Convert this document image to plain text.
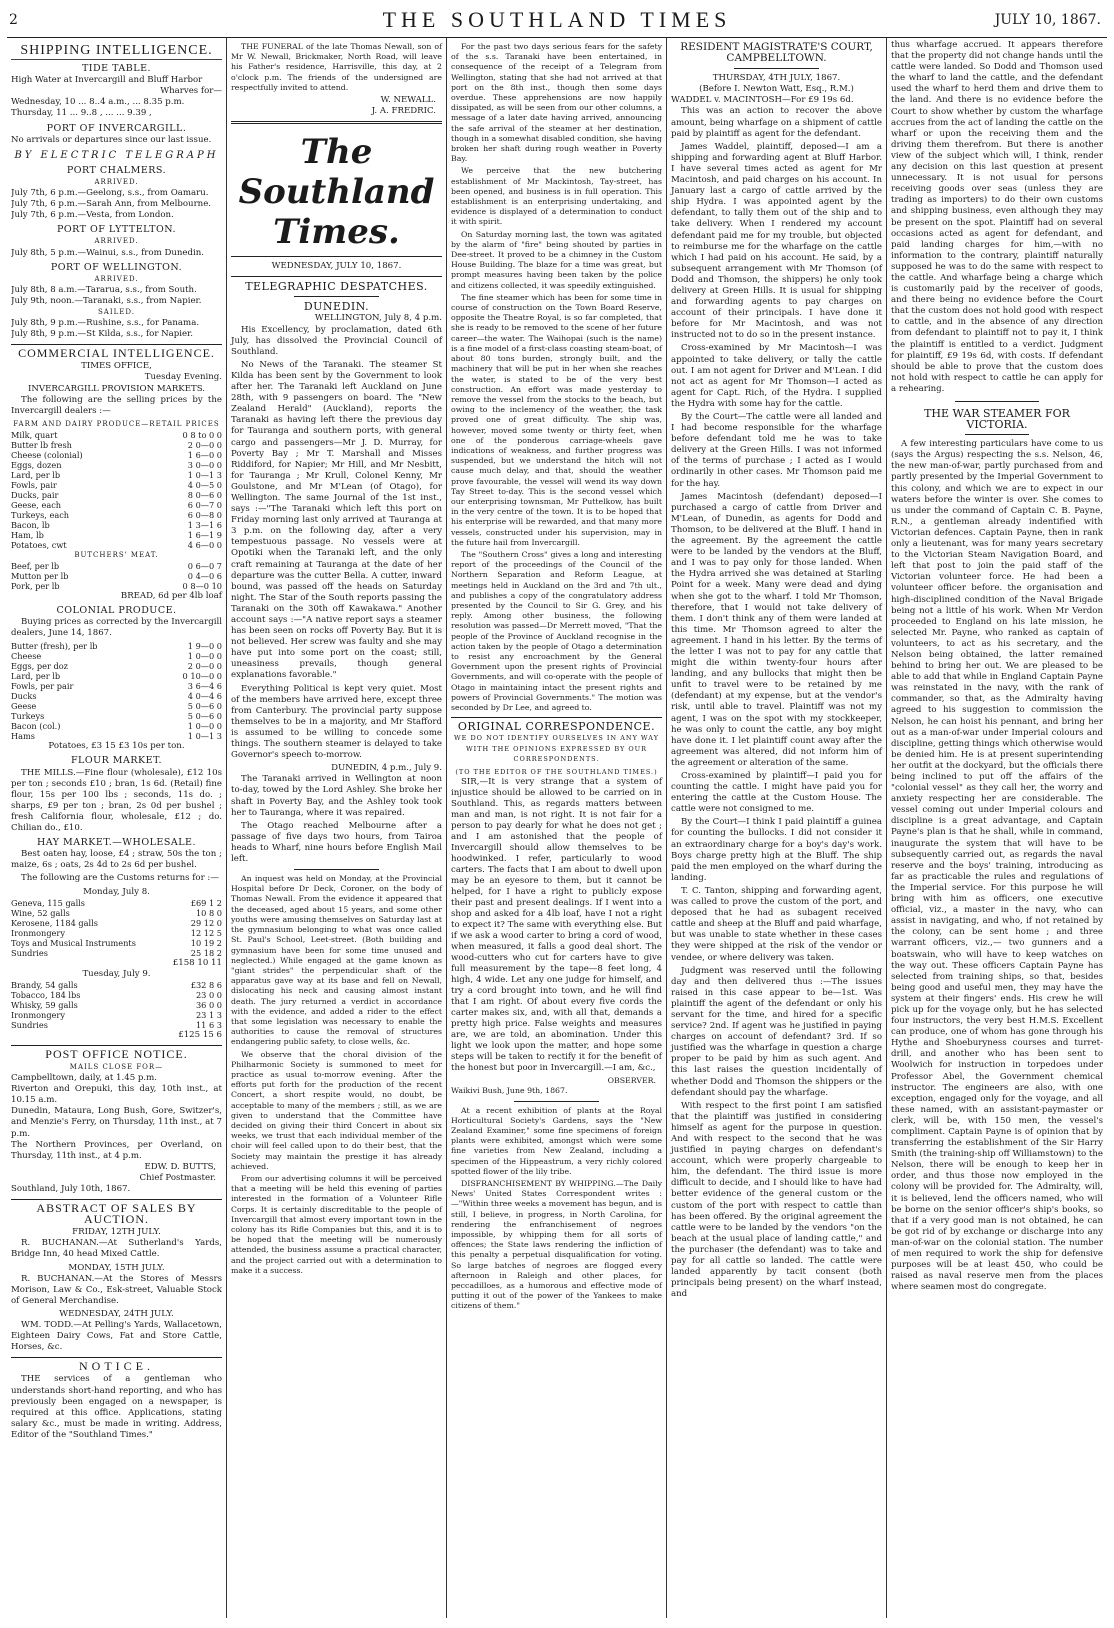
2	THE SOUTHLAND TIMES	JULY 10, 1867.
SHIPPING INTELLIGENCE.
TIDE TABLE.
High Water at Invercargill and Bluff Harbor
Wharves for—
Wednesday, 10 ... 8..4 a.m., ... 8.35 p.m.
Thursday, 11 ... 9..8 , ... ... 9.39 ,
PORT OF INVERCARGILL.
No arrivals or departures since our last issue.
BY ELECTRIC TELEGRAPH
PORT CHALMERS.
ARRIVED.
July 7th, 6 p.m.—Geelong, s.s., from Oamaru.
July 7th, 6 p.m.—Sarah Ann, from Melbourne.
July 7th, 6 p.m.—Vesta, from London.
PORT OF LYTTELTON.
ARRIVED.
July 8th, 5 p.m.—Wainui, s.s., from Dunedin.
PORT OF WELLINGTON.
ARRIVED.
July 8th, 8 a.m.—Tararua, s.s., from South.
July 9th, noon.—Taranaki, s.s., from Napier.
SAILED.
July 8th, 9 p.m.—Rushine, s.s., for Panama.
July 8th, 9 p.m.—St Kilda, s.s., for Napier.
COMMERCIAL INTELLIGENCE.
TIMES OFFICE,
Tuesday Evening.
INVERCARGILL PROVISION MARKETS.

The following are the selling prices by the Invercargill dealers :—

FARM AND DAIRY PRODUCE—RETAIL PRICES
Milk, quart	0 8 to 0 0
Butter lb fresh	2 0—0 0
Cheese (colonial)	1 6—0 0
Eggs, dozen	3 0—0 0
Lard, per lb	1 0—1 3
Fowls, pair	4 0—5 0
Ducks, pair	8 0—6 0
Geese, each	6 0—7 0
Turkeys, each	6 0—8 0
Bacon, lb	1 3—1 6
Ham, lb	1 6—1 9
Potatoes, cwt	4 6—0 0
BUTCHERS' MEAT.
Beef, per lb	0 6—0 7
Mutton per lb	0 4—0 6
Pork, per lb	0 8—0 10
BREAD, 6d per 4lb loaf
COLONIAL PRODUCE.

Buying prices as corrected by the Invercargill dealers, June 14, 1867.

Butter (fresh), per lb	1 9—0 0
Cheese	1 0—0 0
Eggs, per doz	2 0—0 0
Lard, per lb	0 10—0 0
Fowls, per pair	3 6—4 6
Ducks	4 0—4 6
Geese	5 0—6 0
Turkeys	5 0—6 0
Bacon (col.)	1 0—0 0
Hams	1 0—1 3
Potatoes, £3 15 £3 10s per ton.
FLOUR MARKET.

THE MILLS.—Fine flour (wholesale), £12 10s per ton ; seconds £10 ; bran, 1s 6d. (Retail) fine flour, 15s per 100 lbs ; seconds, 11s do. ; sharps, £9 per ton ; bran, 2s 0d per bushel ; fresh California flour, wholesale, £12 ; do. Chilian do., £10.

HAY MARKET.—WHOLESALE.

Best oaten hay, loose, £4 ; straw, 50s the ton ; maize, 6s ; oats, 2s 4d to 2s 6d per bushel.

The following are the Customs returns for :—

Monday, July 8.
Geneva, 115 galls	£69 1 2
Wine, 52 galls	10 8 0
Kerosene, 1184 galls	29 12 0
Ironmongery	12 12 5
Toys and Musical Instruments	10 19 2
Sundries	25 18 2
£158 10 11
Tuesday, July 9.
Brandy, 54 galls	£32 8 6
Tobacco, 184 lbs	23 0 0
Whisky, 59 galls	36 0 0
Ironmongery	23 1 3
Sundries	11 6 3
£125 15 6
POST OFFICE NOTICE.
MAILS CLOSE FOR—
Campbelltown, daily, at 1.45 p.m.
Riverton and Orepuki, this day, 10th inst., at 10.15 a.m.
Dunedin, Mataura, Long Bush, Gore, Switzer's, and Menzie's Ferry, on Thursday, 11th inst., at 7 p.m.
The Northern Provinces, per Overland, on Thursday, 11th inst., at 4 p.m.
EDW. D. BUTTS,
Chief Postmaster.
Southland, July 10th, 1867.
ABSTRACT OF SALES BY AUCTION.
FRIDAY, 12TH JULY.

R. BUCHANAN.—At Sutherland's Yards, Bridge Inn, 40 head Mixed Cattle.

MONDAY, 15TH JULY.

R. BUCHANAN.—At the Stores of Messrs Morison, Law & Co., Esk-street, Valuable Stock of General Merchandise.

WEDNESDAY, 24TH JULY.

WM. TODD.—At Pelling's Yards, Wallacetown, Eighteen Dairy Cows, Fat and Store Cattle, Horses, &c.

NOTICE.

THE services of a gentleman who understands short-hand reporting, and who has previously been engaged on a newspaper, is required at this office. Applications, stating salary &c., must be made in writing. Address, Editor of the "Southland Times."

THE FUNERAL of the late Thomas Newall, son of Mr W. Newall, Brickmaker, North Road, will leave his Father's residence, Harrisville, this day, at 2 o'clock p.m. The friends of the undersigned are respectfully invited to attend.

W. NEWALL.
J. A. FREDRIC.
The Southland Times.
WEDNESDAY, JULY 10, 1867.
TELEGRAPHIC DESPATCHES.
DUNEDIN.
WELLINGTON, July 8, 4 p.m.

His Excellency, by proclamation, dated 6th July, has dissolved the Provincial Council of Southland.

No News of the Taranaki. The steamer St Kilda has been sent by the Government to look after her. The Taranaki left Auckland on June 28th, with 9 passengers on board. The "New Zealand Herald" (Auckland), reports the Taranaki as having left there the previous day for Tauranga and southern ports, with general cargo and passengers—Mr J. D. Murray, for Poverty Bay ; Mr T. Marshall and Misses Riddiford, for Napier; Mr Hill, and Mr Nesbitt, for Tauranga ; Mr Krull, Colonel Kenny, Mr Goulstone, and Mr M'Lean (of Otago), for Wellington. The same Journal of the 1st inst., says :—"The Taranaki which left this port on Friday morning last only arrived at Tauranga at 3 p.m. on the following day, after a very tempestuous passage. No vessels were at Opotiki when the Taranaki left, and the only craft remaining at Tauranga at the date of her departure was the cutter Bella. A cutter, inward bound, was passed off the heads on Saturday night. The Star of the South reports passing the Taranaki on the 30th off Kawakawa." Another account says :—"A native report says a steamer has been seen on rocks off Poverty Bay. But it is not believed. Her screw was faulty and she may have put into some port on the coast; still, uneasiness prevails, though general explanations favorable."

Everything Political is kept very quiet. Most of the members have arrived here, except three from Canterbury. The provincial party suppose themselves to be in a majority, and Mr Stafford is assumed to be willing to concede some things. The southern steamer is delayed to take Governor's speech to-morrow.

DUNEDIN, 4 p.m., July 9.

The Taranaki arrived in Wellington at noon to-day, towed by the Lord Ashley. She broke her shaft in Poverty Bay, and the Ashley took took her to Tauranga, where it was repaired.

The Otago reached Melbourne after a passage of five days two hours, from Tairoa heads to Wharf, nine hours before English Mail left.

An inquest was held on Monday, at the Provincial Hospital before Dr Deck, Coroner, on the body of Thomas Newall. From the evidence it appeared that the deceased, aged about 15 years, and some other youths were amusing themselves on Saturday last at the gymnasium belonging to what was once called St. Paul's School, Leet-street. (Both building and gymnasium have been for some time unused and neglected.) While engaged at the game known as "giant strides" the perpendicular shaft of the apparatus gave way at its base and fell on Newall, dislocating his neck and causing almost instant death. The jury returned a verdict in accordance with the evidence, and added a rider to the effect that some legislation was necessary to enable the authorities to cause the removal of structures endangering public safety, to close wells, &c.

We observe that the choral division of the Philharmonic Society is summoned to meet for practice as usual to-morrow evening. After the efforts put forth for the production of the recent Concert, a short respite would, no doubt, be acceptable to many of the members ; still, as we are given to understand that the Committee have decided on giving their third Concert in about six weeks, we trust that each individual member of the choir will feel called upon to do their best, that the Society may maintain the prestige it has already achieved.

From our advertising columns it will be perceived that a meeting will be held this evening of parties interested in the formation of a Volunteer Rifle Corps. It is certainly discreditable to the people of Invercargill that almost every important town in the colony has its Rifle Companies but this, and it is to be hoped that the meeting will be numerously attended, the business assume a practical character, and the project carried out with a determination to make it a success.

For the past two days serious fears for the safety of the s.s. Taranaki have been entertained, in consequence of the receipt of a Telegram from Wellington, stating that she had not arrived at that port on the 8th inst., though then some days overdue. These apprehensions are now happily dissipated, as will be seen from our other columns, a message of a later date having arrived, announcing the safe arrival of the steamer at her destination, though in a somewhat disabled condition, she having broken her shaft during rough weather in Poverty Bay.

We perceive that the new butchering establishment of Mr Mackintosh, Tay-street, has been opened, and business is in full operation. This establishment is an enterprising undertaking, and evidence is displayed of a determination to conduct it with spirit.

On Saturday morning last, the town was agitated by the alarm of "fire" being shouted by parties in Dee-street. It proved to be a chimney in the Custom House Building. The blaze for a time was great, but prompt measures having been taken by the police and citizens collected, it was speedily extinguished.

The fine steamer which has been for some time in course of construction on the Town Board Reserve, opposite the Theatre Royal, is so far completed, that she is ready to be removed to the scene of her future career—the water. The Waihopai (such is the name) is a fine model of a first-class coasting steam-boat, of about 80 tons burden, strongly built, and the machinery that will be put in her when she reaches the water, is stated to be of the very best construction. An effort was made yesterday to remove the vessel from the stocks to the beach, but owing to the inclemency of the weather, the task proved one of great difficulty. The ship was, however, moved some twenty or thirty feet, when one of the ponderous carriage-wheels gave indications of weakness, and further progress was suspended, but we understand the hitch will not cause much delay, and that, should the weather prove favourable, the vessel will wend its way down Tay Street to-day. This is the second vessel which our enterprising townsman, Mr Puttelkow, has built in the very centre of the town. It is to be hoped that his enterprise will be rewarded, and that many more vessels, constructed under his supervision, may in the future hail from Invercargill.

The "Southern Cross" gives a long and interesting report of the proceedings of the Council of the Northern Separation and Reform League, at meetings held in Auckland on the 3rd and 7th ult., and publishes a copy of the congratulatory address presented by the Council to Sir G. Grey, and his reply. Among other business, the following resolution was passed—Dr Merrett moved, "That the people of the Province of Auckland recognise in the action taken by the people of Otago a determination to resist any encroachment by the General Government upon the present rights of Provincial Governments, and will co-operate with the people of Otago in maintaining intact the present rights and powers of Provincial Governments." The motion was seconded by Dr Lee, and agreed to.

ORIGINAL CORRESPONDENCE.
WE DO NOT IDENTIFY OURSELVES IN ANY WAY WITH THE OPINIONS EXPRESSED BY OUR CORRESPONDENTS.
(TO THE EDITOR OF THE SOUTHLAND TIMES.)

SIR,—It is very strange that a system of injustice should be allowed to be carried on in Southland. This, as regards matters between man and man, is not right. It is not fair for a person to pay dearly for what he does not get ; and I am astonished that the people of Invercargill should allow themselves to be hoodwinked. I refer, particularly to wood carters. The facts that I am about to dwell upon may be an eyesore to them, but it cannot be helped, for I have a right to publicly expose their past and present dealings. If I went into a shop and asked for a 4lb loaf, have I not a right to expect it? The same with everything else. But if we ask a wood carter to bring a cord of wood, when measured, it falls a good deal short. The wood-cutters who cut for carters have to give full measurement by the tape—8 feet long, 4 high, 4 wide. Let any one judge for himself, and try a cord brought into town, and he will find that I am right. Of about every five cords the carter makes six, and, with all that, demands a pretty high price. False weights and measures are, we are told, an abomination. Under this light we look upon the matter, and hope some steps will be taken to rectify it for the benefit of the honest but poor in Invercargill.—I am, &c.,

OBSERVER.
Waikivi Bush, June 9th, 1867.

At a recent exhibition of plants at the Royal Horticultural Society's Gardens, says the "New Zealand Examiner," some fine specimens of foreign plants were exhibited, amongst which were some fine varieties from New Zealand, including a specimen of the Hippeastrum, a very richly colored spotted flower of the lily tribe.

DISFRANCHISEMENT BY WHIPPING.—The Daily News' United States Correspondent writes :—"Within three weeks a movement has begun, and is still, I believe, in progress, in North Carolina, for rendering the enfranchisement of negroes impossible, by whipping them for all sorts of offences; the State laws rendering the infliction of this penalty a perpetual disqualification for voting. So large batches of negroes are flogged every afternoon in Raleigh and other places, for peccadilloes, as a humorous and effective mode of putting it out of the power of the Yankees to make citizens of them."

RESIDENT MAGISTRATE'S COURT,
CAMPBELLTOWN.
THURSDAY, 4TH JULY, 1867.
(Before I. Newton Watt, Esq., R.M.)
WADDEL v. MACINTOSH—For £9 19s 6d.

This was an action to recover the above amount, being wharfage on a shipment of cattle paid by plaintiff as agent for the defendant.

James Waddel, plaintiff, deposed—I am a shipping and forwarding agent at Bluff Harbor. I have several times acted as agent for Mr Macintosh, and paid charges on his account. In January last a cargo of cattle arrived by the ship Hydra. I was appointed agent by the defendant, to tally them out of the ship and to take delivery. When I rendered my account defendant paid me for my trouble, but objected to reimburse me for the wharfage on the cattle which I had paid on his account. He said, by a subsequent arrangement with Mr Thomson (of Dodd and Thomson, the shippers) he only took delivery at Green Hills. It is usual for shipping and forwarding agents to pay charges on account of their principals. I have done it before for Mr Macintosh, and was not instructed not to do so in the present instance.

Cross-examined by Mr Macintosh—I was appointed to take delivery, or tally the cattle out. I am not agent for Driver and M'Lean. I did not act as agent for Mr Thomson—I acted as agent for Capt. Rich, of the Hydra. I supplied the Hydra with some hay for the cattle.

By the Court—The cattle were all landed and I had become responsible for the wharfage before defendant told me he was to take delivery at the Green Hills. I was not informed of the terms of purchase ; I acted as I would ordinarily in other cases. Mr Thomson paid me for the hay.

James Macintosh (defendant) deposed—I purchased a cargo of cattle from Driver and M'Lean, of Dunedin, as agents for Dodd and Thomson, to be delivered at the Bluff. I hand in the agreement. By the agreement the cattle were to be landed by the vendors at the Bluff, and I was to pay only for those landed. When the Hydra arrived she was detained at Starling Point for a week. Many were dead and dying when she got to the wharf. I told Mr Thomson, therefore, that I would not take delivery of them. I don't think any of them were landed at this time. Mr Thomson agreed to alter the agreement. I hand in his letter. By the terms of the letter I was not to pay for any cattle that might die within twenty-four hours after landing, and any bullocks that might then be unfit to travel were to be retained by me (defendant) at my expense, but at the vendor's risk, until able to travel. Plaintiff was not my agent, I was on the spot with my stockkeeper, he was only to count the cattle, any boy might have done it. I let plaintiff count away after the agreement was altered, did not inform him of the agreement or alteration of the same.

Cross-examined by plaintiff—I paid you for counting the cattle. I might have paid you for entering the cattle at the Custom House. The cattle were not consigned to me.

By the Court—I think I paid plaintiff a guinea for counting the bullocks. I did not consider it an extraordinary charge for a boy's day's work. Boys charge pretty high at the Bluff. The ship paid the men employed on the wharf during the landing.

T. C. Tanton, shipping and forwarding agent, was called to prove the custom of the port, and deposed that he had as subagent received cattle and sheep at the Bluff and paid wharfage, but was unable to state whether in these cases they were shipped at the risk of the vendor or vendee, or where delivery was taken.

Judgment was reserved until the following day and then delivered thus :—The issues raised in this case appear to be—1st. Was plaintiff the agent of the defendant or only his servant for the time, and hired for a specific service? 2nd. If agent was he justified in paying charges on account of defendant? 3rd. If so justified was the wharfage in question a charge proper to be paid by him as such agent. And this last raises the question incidentally of whether Dodd and Thomson the shippers or the defendant should pay the wharfage.

With respect to the first point I am satisfied that the plaintiff was justified in considering himself as agent for the purpose in question. And with respect to the second that he was justified in paying charges on defendant's account, which were properly chargeable to him, the defendant. The third issue is more difficult to decide, and I should like to have had better evidence of the general custom or the custom of the port with respect to cattle than has been offered. By the original agreement the cattle were to be landed by the vendors "on the beach at the usual place of landing cattle," and the purchaser (the defendant) was to take and pay for all cattle so landed. The cattle were landed apparently by tacit consent (both principals being present) on the wharf instead, and

thus wharfage accrued. It appears therefore that the property did not change hands until the cattle were landed. So Dodd and Thomson used the wharf to land the cattle, and the defendant used the wharf to herd them and drive them to the land. And there is no evidence before the Court to show whether by custom the wharfage accrues from the act of landing the cattle on the wharf or upon the receiving them and the driving them therefrom. But there is another view of the subject which will, I think, render any decision on this last question at present unnecessary. It is not usual for persons receiving goods over seas (unless they are trading as importers) to do their own customs and shipping business, even although they may be present on the spot. Plaintiff had on several occasions acted as agent for defendant, and paid landing charges for him,—with no information to the contrary, plaintiff naturally supposed he was to do the same with respect to the cattle. And wharfage being a charge which is customarily paid by the receiver of goods, and there being no evidence before the Court that the custom does not hold good with respect to cattle, and in the absence of any direction from defendant to plaintiff not to pay it, I think the plaintiff is entitled to a verdict. Judgment for plaintiff, £9 19s 6d, with costs. If defendant should be able to prove that the custom does not hold with respect to cattle he can apply for a rehearing.

THE WAR STEAMER FOR
VICTORIA.

A few interesting particulars have come to us (says the Argus) respecting the s.s. Nelson, 46, the new man-of-war, partly purchased from and partly presented by the Imperial Government to this colony, and which we are to expect in our waters before the winter is over. She comes to us under the command of Captain C. B. Payne, R.N., a gentleman already indentified with Victorian defences. Captain Payne, then in rank only a lieutenant, was for many years secretary to the Victorian Steam Navigation Board, and left that post to join the paid staff of the Victorian volunteer force. He had been a volunteer officer before. the organisation and high-disciplined condition of the Naval Brigade being not a little of his work. When Mr Verdon proceeded to England on his late mission, he selected Mr. Payne, who ranked as captain of volunteers, to act as his secretary, and the Nelson being obtained, the latter remained behind to bring her out. We are pleased to be able to add that while in England Captain Payne was reinstated in the navy, with the rank of commander, so that, as the Admiralty having agreed to his suggestion to commission the Nelson, he can hoist his pennant, and bring her out as a man-of-war under Imperial colours and discipline, getting things which otherwise would be denied him. He is at present superintending her outfit at the dockyard, but the officials there being inclined to put off the affairs of the "colonial vessel" as they call her, the worry and anxiety respecting her are considerable. The vessel coming out under Imperial colours and discipline is a great advantage, and Captain Payne's plan is that he shall, while in command, inaugurate the system that will have to be subsequently carried out, as regards the naval reserve and the boys' training, introducing as far as practicable the rules and regulations of the Imperial service. For this purpose he will bring with him as officers, one executive official, viz., a master in the navy, who can assist in navigating, and who, if not retained by the colony, can be sent home ; and three warrant officers, viz.,— two gunners and a boatswain, who will have to keep watches on the way out. These officers Captain Payne has selected from training ships, so that, besides being good and useful men, they may have the system at their fingers' ends. His crew he will pick up for the voyage only, but he has selected four instructors, the very best H.M.S. Excellent can produce, one of whom has gone through his Hythe and Shoeburyness courses and turret-drill, and another who has been sent to Woolwich for instruction in torpedoes under Professor Abel, the Government chemical instructor. The engineers are also, with one exception, engaged only for the voyage, and all these named, with an assistant-paymaster or clerk, will be, with 150 men, the vessel's compliment. Captain Payne is of opinion that by transferring the establishment of the Sir Harry Smith (the training-ship off Williamstown) to the Nelson, there will be enough to keep her in order, and thus those now employed in the colony will be provided for. The Admiralty, will, it is believed, lend the officers named, who will be borne on the senior officer's ship's books, so that if a very good man is not obtained, he can be got rid of by exchange or discharge into any man-of-war on the colonial station. The number of men required to work the ship for defensive purposes will be at least 450, who could be raised as naval reserve men from the places where seamen most do congregate.
